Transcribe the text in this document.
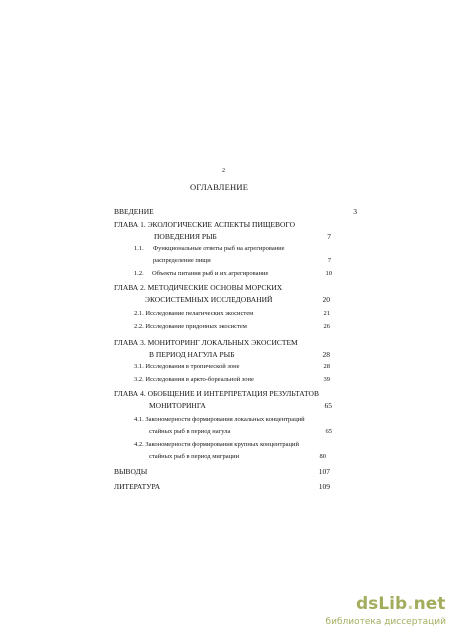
2
ОГЛАВЛЕНИЕ
ВВЕДЕНИЕ	3
ГЛАВА 1. ЭКОЛОГИЧЕСКИЕ АСПЕКТЫ ПИЩЕВОГО
ПОВЕДЕНИЯ РЫБ	7
1.1. Функциональные ответы рыб на агрегирование
распределение пищи	7
1.2. Объекты питания рыб и их агрегирование	10
ГЛАВА 2. МЕТОДИЧЕСКИЕ ОСНОВЫ МОРСКИХ
ЭКОСИСТЕМНЫХ ИССЛЕДОВАНИЙ	20
2.1. Исследование пелагических экосистем	21
2.2. Исследование придонных экосистем	26
ГЛАВА 3. МОНИТОРИНГ ЛОКАЛЬНЫХ ЭКОСИСТЕМ
В ПЕРИОД НАГУЛА РЫБ	28
3.1. Исследования в тропической зоне	28
3.2. Исследования в аркто-бореальной зоне	39
ГЛАВА 4. ОБОБЩЕНИЕ И ИНТЕРПРЕТАЦИЯ РЕЗУЛЬТАТОВ
МОНИТОРИНГА	65
4.1. Закономерности формирования локальных концентраций
стайных рыб в период нагула	65
4.2. Закономерности формирования крупных концентраций
стайных рыб в период миграции	80
ВЫВОДЫ	107
ЛИТЕРАТУРА	109
dsLib.net
библиотека диссертаций
